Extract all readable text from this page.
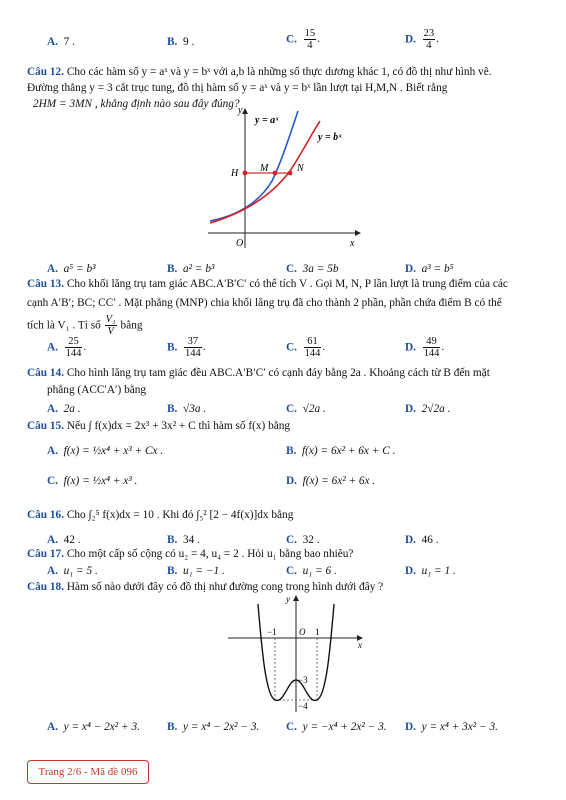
A. 7 .	B. 9 .	C. $\frac{15}{4}$ .	D. $\frac{23}{4}$ .
Câu 12. Cho các hàm số y = aˣ và y = bˣ với a,b là những số thực dương khác 1, có đồ thị như hình vẽ.
Đường thẳng y = 3 cắt trục tung, đồ thị hàm số y = aˣ và y = bˣ lần lượt tại H,M,N . Biết rằng
2HM = 3MN , khẳng định nào sau đây đúng?
y
x
O
H M	N
y = aˣ
y = bˣ
A. a⁵ = b³	B. a² = b³	C. 3a = 5b	D. a³ = b⁵
Câu 13. Cho khối lăng trụ tam giác ABC.A′B′C′ có thể tích V . Gọi M, N, P lần lượt là trung điểm của các
cạnh A′B′; BC; CC′ . Mặt phẳng (MNP) chia khối lăng trụ đã cho thành 2 phần, phần chứa điểm B có thể
tích là V₁ . Tỉ số $\frac{\text{V₁}}{V}$ bằng
A. $\frac{25}{144}$ .	B. $\frac{37}{144}$ .	C. $\frac{61}{144}$ .	D. $\frac{49}{144}$ .
Câu 14. Cho hình lăng trụ tam giác đều ABC.A′B′C′ có cạnh đáy bằng 2a . Khoảng cách từ B đến mặt
phẳng (ACC′A′) bằng
A. 2a .	B. √3a .	C. √2a .	D. 2√2a .
Câu 15. Nếu ∫ f(x)dx = 2x³ + 3x² + C thì hàm số f(x) bằng
A. f(x) = ½x⁴ + x³ + Cx .	B. f(x) = 6x² + 6x + C .
C. f(x) = ½x⁴ + x³ .	D. f(x) = 6x² + 6x .
Câu 16. Cho ∫₂⁵ f(x)dx = 10 . Khi đó ∫₅² [2 − 4f(x)]dx bằng
A. 42 .	B. 34 .	C. 32 .	D. 46 .
Câu 17. Cho một cấp số cộng có u₂ = 4, u₄ = 2 . Hỏi u₁ bằng bao nhiêu?
A. u₁ = 5 .	B. u₁ = −1 .	C. u₁ = 6 .	D. u₁ = 1 .
Câu 18. Hàm số nào dưới đây có đồ thị như đường cong trong hình dưới đây ?
y
x
O
−1	1
−3
−4
A. y = x⁴ − 2x² + 3. B. y = x⁴ − 2x² − 3. C. y = −x⁴ + 2x² − 3. D. y = x⁴ + 3x² − 3.
Trang 2/6 - Mã đề 096
